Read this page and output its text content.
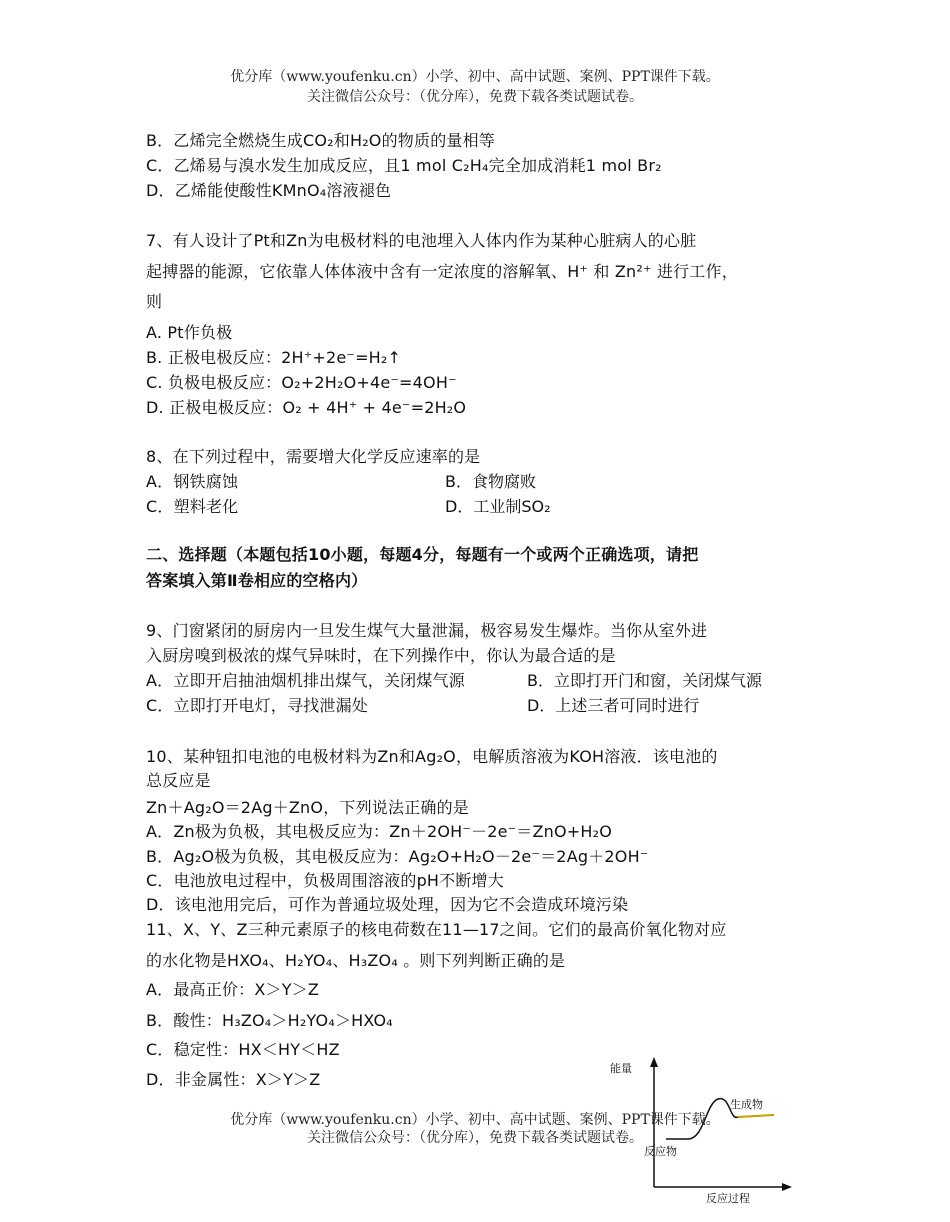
优分库（www.youfenku.cn）小学、初中、高中试题、案例、PPT课件下载。
关注微信公众号：（优分库），免费下载各类试题试卷。
B．乙烯完全燃烧生成CO₂和H₂O的物质的量相等
C．乙烯易与溴水发生加成反应，且1 mol C₂H₄完全加成消耗1 mol Br₂
D．乙烯能使酸性KMnO₄溶液褪色
7、有人设计了Pt和Zn为电极材料的电池埋入人体内作为某种心脏病人的心脏
起搏器的能源，它依靠人体体液中含有一定浓度的溶解氧、H⁺ 和 Zn²⁺ 进行工作，
则
A. Pt作负极
B. 正极电极反应：2H⁺+2e⁻=H₂↑
C. 负极电极反应：O₂+2H₂O+4e⁻=4OH⁻
D. 正极电极反应：O₂ + 4H⁺ + 4e⁻=2H₂O
8、在下列过程中，需要增大化学反应速率的是
A．钢铁腐蚀	B．食物腐败
C．塑料老化	D．工业制SO₂
二、选择题（本题包括10小题，每题4分，每题有一个或两个正确选项，请把
答案填入第Ⅱ卷相应的空格内）
9、门窗紧闭的厨房内一旦发生煤气大量泄漏，极容易发生爆炸。当你从室外进
入厨房嗅到极浓的煤气异味时，在下列操作中，你认为最合适的是
A．立即开启抽油烟机排出煤气，关闭煤气源	B．立即打开门和窗，关闭煤气源
C．立即打开电灯，寻找泄漏处	D．上述三者可同时进行
10、某种钮扣电池的电极材料为Zn和Ag₂O，电解质溶液为KOH溶液．该电池的
总反应是
Zn＋Ag₂O＝2Ag＋ZnO，下列说法正确的是
A．Zn极为负极，其电极反应为：Zn＋2OH⁻－2e⁻＝ZnO+H₂O
B．Ag₂O极为负极，其电极反应为：Ag₂O+H₂O－2e⁻＝2Ag＋2OH⁻
C．电池放电过程中，负极周围溶液的pH不断增大
D．该电池用完后，可作为普通垃圾处理，因为它不会造成环境污染
11、X、Y、Z三种元素原子的核电荷数在11—17之间。它们的最高价氧化物对应
的水化物是HXO₄、H₂YO₄、H₃ZO₄ 。则下列判断正确的是
A．最高正价：X＞Y＞Z
B．酸性：H₃ZO₄＞H₂YO₄＞HXO₄
C．稳定性：HX＜HY＜HZ
D．非金属性：X＞Y＞Z
能量
生成物
反应物
反应过程
优分库（www.youfenku.cn）小学、初中、高中试题、案例、PPT课件下载。
关注微信公众号：（优分库），免费下载各类试题试卷。
